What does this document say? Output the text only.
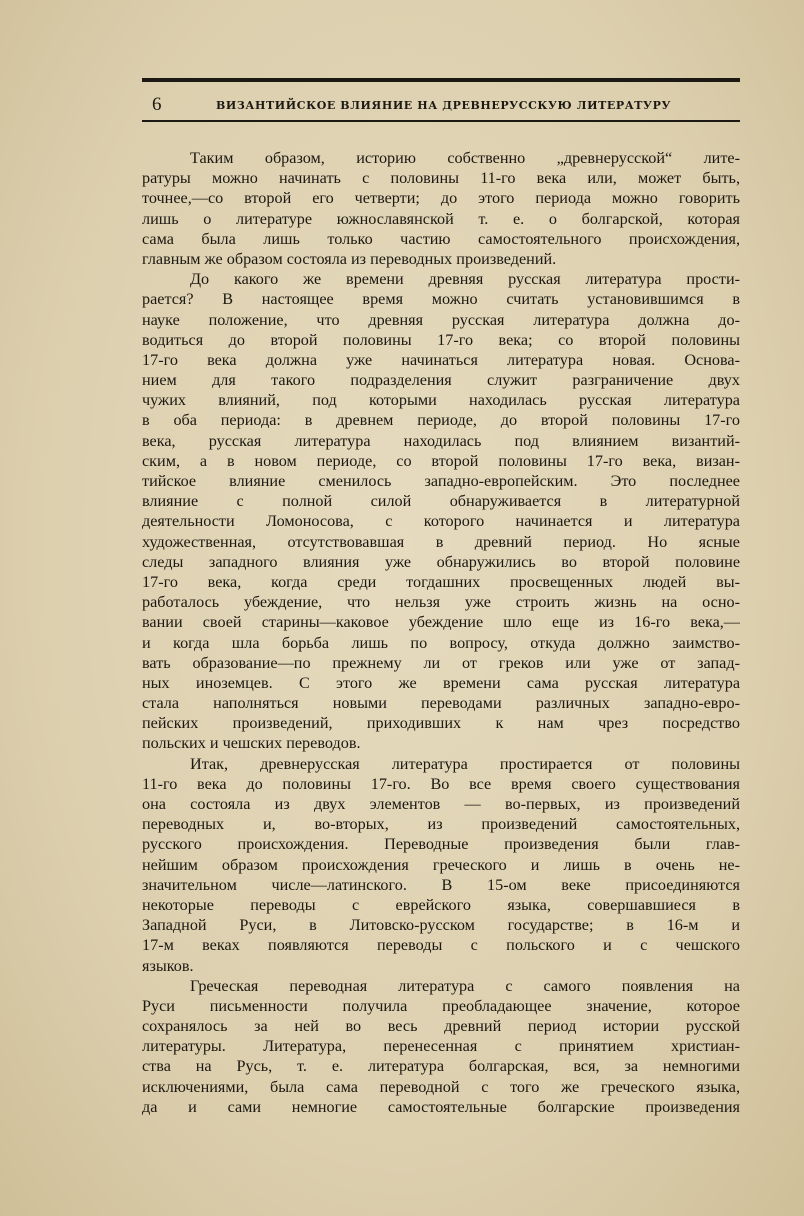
6	ВИЗАНТИЙСКОЕ ВЛИЯНИЕ НА ДРЕВНЕРУССКУЮ ЛИТЕРАТУРУ
Таким образом, историю собственно „древнерусской“ лите-
ратуры можно начинать с половины 11-го века или, может быть,
точнее,—со второй его четверти; до этого периода можно говорить
лишь о литературе южнославянской т. е. о болгарской, которая
сама была лишь только частию самостоятельного происхождения,
главным же образом состояла из переводных произведений.
До какого же времени древняя русская литература прости-
рается? В настоящее время можно считать установившимся в
науке положение, что древняя русская литература должна до-
водиться до второй половины 17-го века; со второй половины
17-го века должна уже начинаться литература новая. Основа-
нием для такого подразделения служит разграничение двух
чужих влияний, под которыми находилась русская литература
в оба периода: в древнем периоде, до второй половины 17-го
века, русская литература находилась под влиянием византий-
ским, а в новом периоде, со второй половины 17-го века, визан-
тийское влияние сменилось западно-европейским. Это последнее
влияние с полной силой обнаруживается в литературной
деятельности Ломоносова, с которого начинается и литература
художественная, отсутствовавшая в древний период. Но ясные
следы западного влияния уже обнаружились во второй половине
17-го века, когда среди тогдашних просвещенных людей вы-
работалось убеждение, что нельзя уже строить жизнь на осно-
вании своей старины—каковое убеждение шло еще из 16-го века,—
и когда шла борьба лишь по вопросу, откуда должно заимство-
вать образование—по прежнему ли от греков или уже от запад-
ных иноземцев. С этого же времени сама русская литература
стала наполняться новыми переводами различных западно-евро-
пейских произведений, приходивших к нам чрез посредство
польских и чешских переводов.
Итак, древнерусская литература простирается от половины
11-го века до половины 17-го. Во все время своего существования
она состояла из двух элементов — во-первых, из произведений
переводных и, во-вторых, из произведений самостоятельных,
русского происхождения. Переводные произведения были глав-
нейшим образом происхождения греческого и лишь в очень не-
значительном числе—латинского. В 15-ом веке присоединяются
некоторые переводы с еврейского языка, совершавшиеся в
Западной Руси, в Литовско-русском государстве; в 16-м и
17-м веках появляются переводы с польского и с чешского
языков.
Греческая переводная литература с самого появления на
Руси письменности получила преобладающее значение, которое
сохранялось за ней во весь древний период истории русской
литературы. Литература, перенесенная с принятием христиан-
ства на Русь, т. е. литература болгарская, вся, за немногими
исключениями, была сама переводной с того же греческого языка,
да и сами немногие самостоятельные болгарские произведения
